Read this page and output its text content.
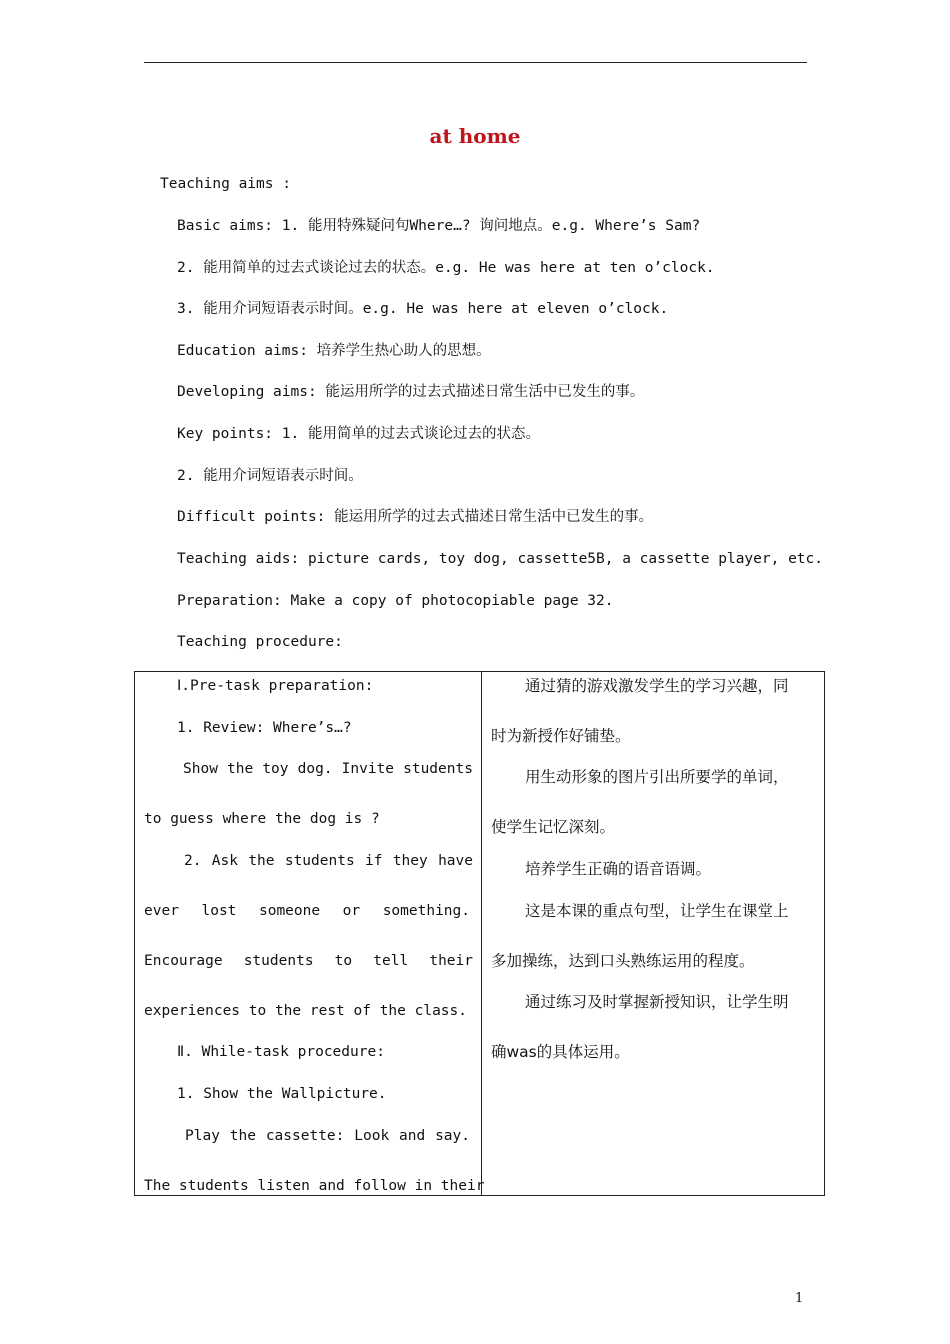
at home
Teaching aims :
Basic aims: 1. 能用特殊疑问句Where…? 询问地点。e.g. Where’s Sam?
2. 能用简单的过去式谈论过去的状态。e.g. He was here at ten o’clock.
3. 能用介词短语表示时间。e.g. He was here at eleven o’clock.
Education aims: 培养学生热心助人的思想。
Developing aims: 能运用所学的过去式描述日常生活中已发生的事。
Key points: 1. 能用简单的过去式谈论过去的状态。
2. 能用介词短语表示时间。
Difficult points: 能运用所学的过去式描述日常生活中已发生的事。
Teaching aids: picture cards, toy dog, cassette5B, a cassette player, etc.
Preparation: Make a copy of photocopiable page 32.
Teaching procedure:
Ⅰ.Pre-task preparation:
1. Review: Where’s…?
Show the toy dog. Invite students
to guess where the dog is ?
2. Ask the students if they have
ever lost someone or something.
Encourage students to tell their
experiences to the rest of the class.
Ⅱ. While-task procedure:
1. Show the Wallpicture.
Play the cassette: Look and say.
The students listen and follow in their
通过猜的游戏激发学生的学习兴趣，同
时为新授作好铺垫。
用生动形象的图片引出所要学的单词，
使学生记忆深刻。
培养学生正确的语音语调。
这是本课的重点句型，让学生在课堂上
多加操练，达到口头熟练运用的程度。
通过练习及时掌握新授知识，让学生明
确was的具体运用。
1
